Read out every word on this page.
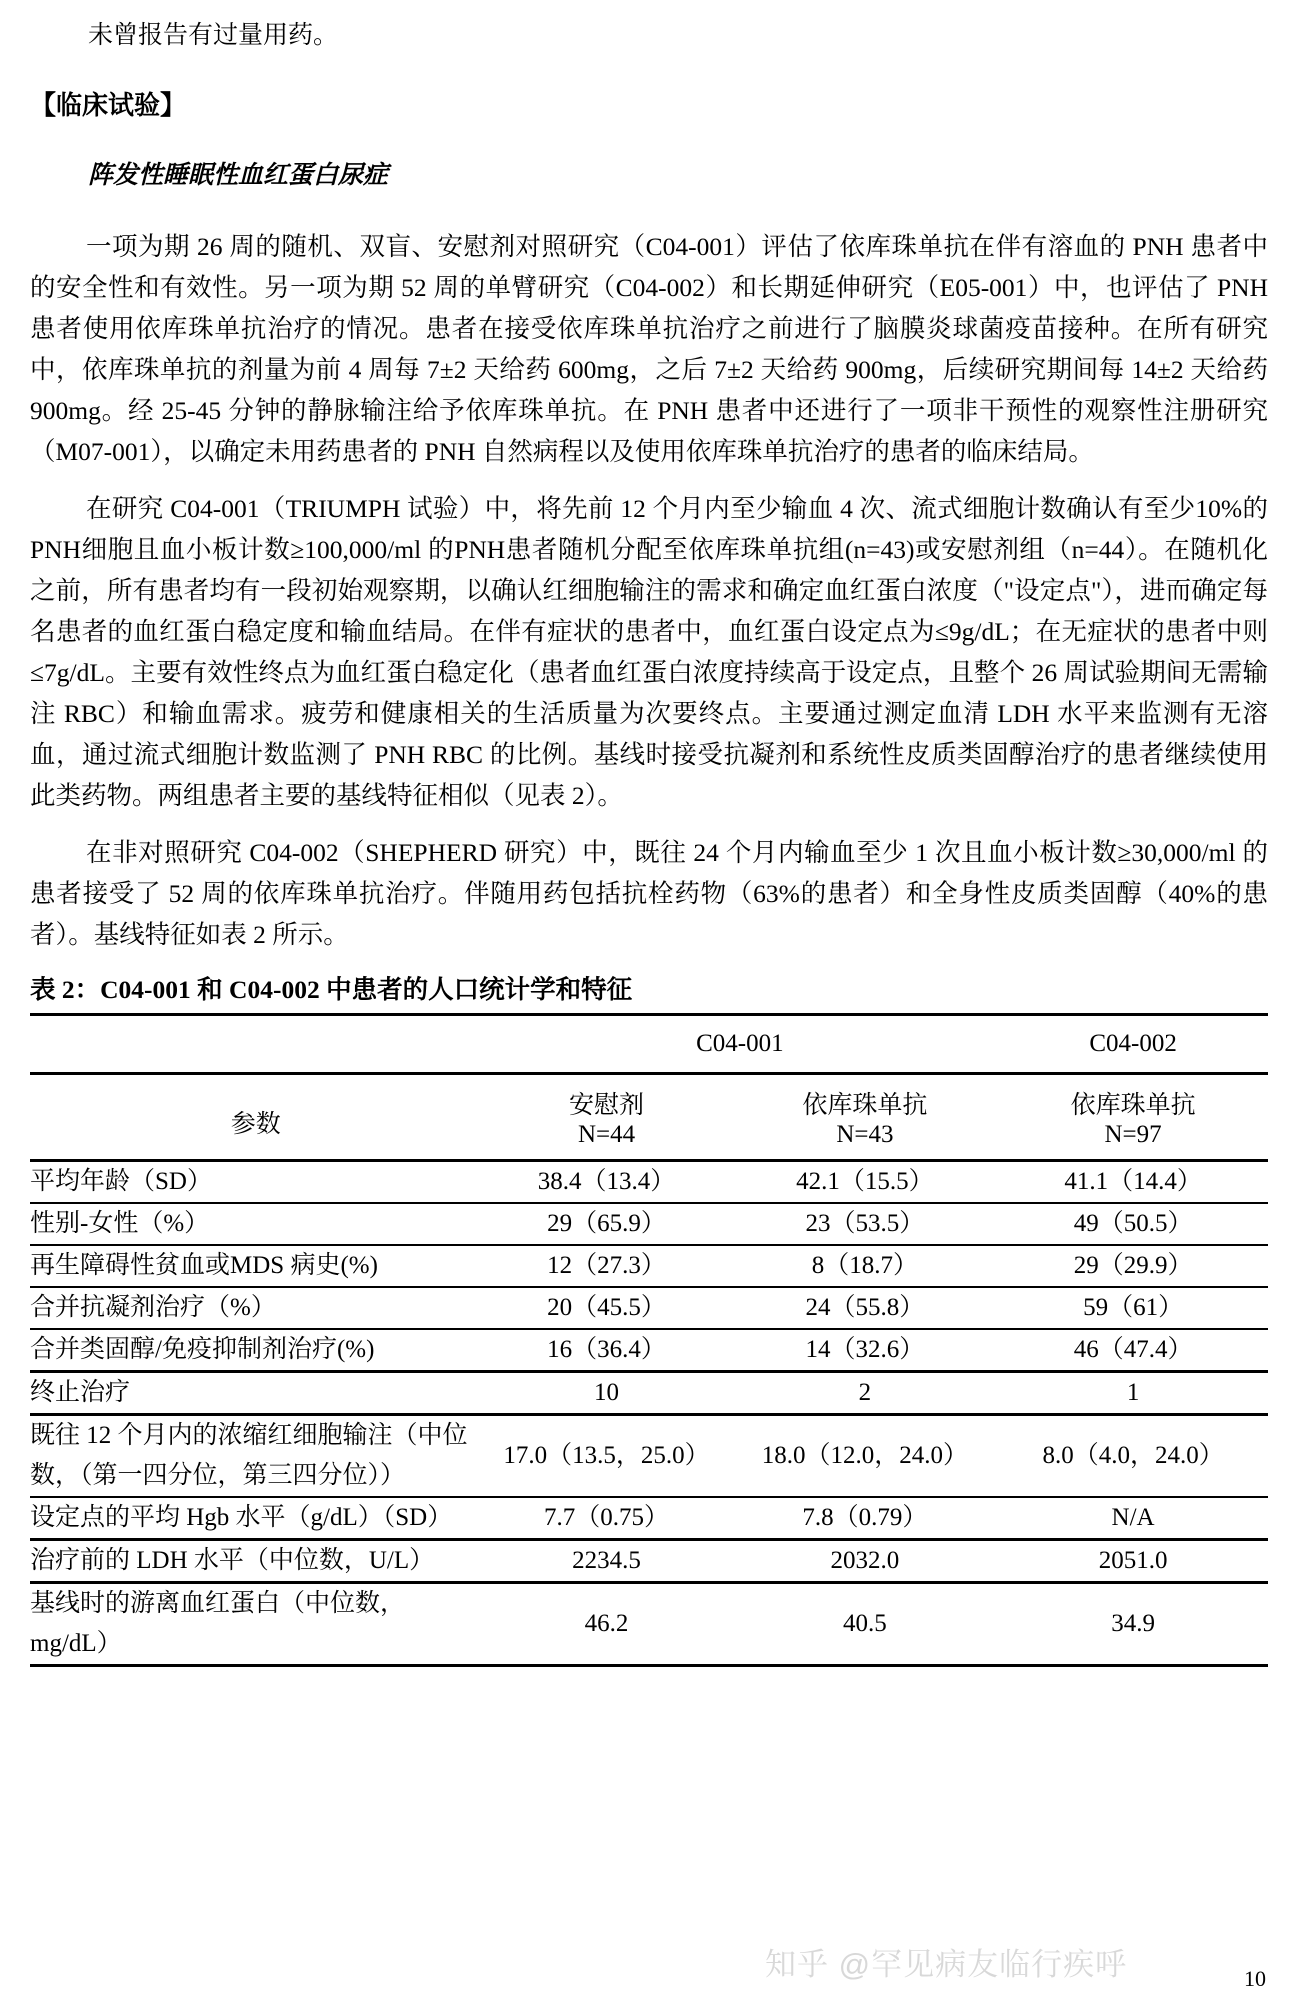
未曾报告有过量用药。
【临床试验】
阵发性睡眠性血红蛋白尿症

一项为期 26 周的随机、双盲、安慰剂对照研究（C04-001）评估了依库珠单抗在伴有溶血的 PNH 患者中的安全性和有效性。另一项为期 52 周的单臂研究（C04-002）和长期延伸研究（E05-001）中，也评估了 PNH 患者使用依库珠单抗治疗的情况。患者在接受依库珠单抗治疗之前进行了脑膜炎球菌疫苗接种。在所有研究中，依库珠单抗的剂量为前 4 周每 7±2 天给药 600mg，之后 7±2 天给药 900mg，后续研究期间每 14±2 天给药 900mg。经 25-45 分钟的静脉输注给予依库珠单抗。在 PNH 患者中还进行了一项非干预性的观察性注册研究（M07-001），以确定未用药患者的 PNH 自然病程以及使用依库珠单抗治疗的患者的临床结局。

在研究 C04-001（TRIUMPH 试验）中，将先前 12 个月内至少输血 4 次、流式细胞计数确认有至少10%的PNH细胞且血小板计数≥100,000/ml 的PNH患者随机分配至依库珠单抗组(n=43)或安慰剂组（n=44）。在随机化之前，所有患者均有一段初始观察期，以确认红细胞输注的需求和确定血红蛋白浓度（"设定点"），进而确定每名患者的血红蛋白稳定度和输血结局。在伴有症状的患者中，血红蛋白设定点为≤9g/dL；在无症状的患者中则≤7g/dL。主要有效性终点为血红蛋白稳定化（患者血红蛋白浓度持续高于设定点，且整个 26 周试验期间无需输注 RBC）和输血需求。疲劳和健康相关的生活质量为次要终点。主要通过测定血清 LDH 水平来监测有无溶血，通过流式细胞计数监测了 PNH RBC 的比例。基线时接受抗凝剂和系统性皮质类固醇治疗的患者继续使用此类药物。两组患者主要的基线特征相似（见表 2）。

在非对照研究 C04-002（SHEPHERD 研究）中，既往 24 个月内输血至少 1 次且血小板计数≥30,000/ml 的患者接受了 52 周的依库珠单抗治疗。伴随用药包括抗栓药物（63%的患者）和全身性皮质类固醇（40%的患者）。基线特征如表 2 所示。

表 2：C04-001 和 C04-002 中患者的人口统计学和特征
	C04-001		C04-002
参数	安慰剂	依库珠单抗	依库珠单抗
	N=44	N=43	N=97
平均年龄（SD）	38.4（13.4）	42.1（15.5）	41.1（14.4）
性别-女性（%）	29（65.9）	23（53.5）	49（50.5）
再生障碍性贫血或MDS 病史(%)	12（27.3）	8（18.7）	29（29.9）
合并抗凝剂治疗（%）	20（45.5）	24（55.8）	59（61）
合并类固醇/免疫抑制剂治疗(%)	16（36.4）	14（32.6）	46（47.4）
终止治疗	10	2	1
既往 12 个月内的浓缩红细胞输注（中位数，（第一四分位，第三四分位））	17.0（13.5，25.0）	18.0（12.0，24.0）	8.0（4.0，24.0）
设定点的平均 Hgb 水平（g/dL）（SD）	7.7（0.75）	7.8（0.79）	N/A
治疗前的 LDH 水平（中位数，U/L）	2234.5	2032.0	2051.0
基线时的游离血红蛋白（中位数，mg/dL）	46.2	40.5	34.9

知乎 @罕见病友临行疾呼	10
